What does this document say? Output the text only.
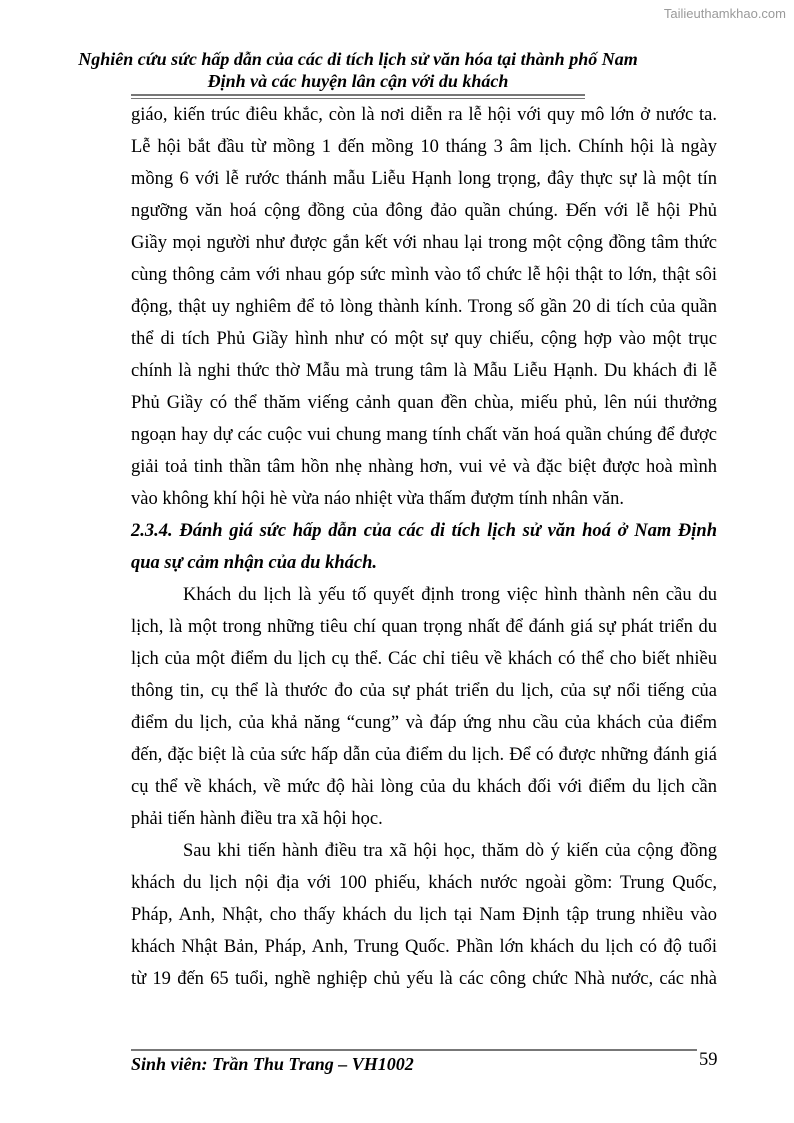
Tailieuthamkhao.com
Nghiên cứu sức hấp dẫn của các di tích lịch sử văn hóa tại thành phố Nam
Định và các huyện lân cận với du khách
giáo, kiến trúc điêu khắc, còn là nơi diễn ra lễ hội với quy mô lớn ở nước ta.
Lễ hội bắt đầu từ mồng 1 đến mồng 10 tháng 3 âm lịch. Chính hội là ngày
mồng 6 với lễ rước thánh mẫu Liễu Hạnh long trọng, đây thực sự là một tín
ngưỡng văn hoá cộng đồng của đông đảo quần chúng. Đến với lễ hội Phủ
Giầy mọi người như được gắn kết với nhau lại trong một cộng đồng tâm thức
cùng thông cảm với nhau góp sức mình vào tổ chức lễ hội thật to lớn, thật sôi
động, thật uy nghiêm để tỏ lòng thành kính. Trong số gần 20 di tích của quần
thể di tích Phủ Giầy hình như có một sự quy chiếu, cộng hợp vào một trục
chính là nghi thức thờ Mẫu mà trung tâm là Mẫu Liễu Hạnh. Du khách đi lễ
Phủ Giầy có thể thăm viếng cảnh quan đền chùa, miếu phủ, lên núi thưởng
ngoạn hay dự các cuộc vui chung mang tính chất văn hoá quần chúng để được
giải toả tinh thần tâm hồn nhẹ nhàng hơn, vui vẻ và đặc biệt được hoà mình
vào không khí hội hè vừa náo nhiệt vừa thấm đượm tính nhân văn.
2.3.4. Đánh giá sức hấp dẫn của các di tích lịch sử văn hoá ở Nam Định
qua sự cảm nhận của du khách.
Khách du lịch là yếu tố quyết định trong việc hình thành nên cầu du
lịch, là một trong những tiêu chí quan trọng nhất để đánh giá sự phát triển du
lịch của một điểm du lịch cụ thể. Các chỉ tiêu về khách có thể cho biết nhiều
thông tin, cụ thể là thước đo của sự phát triển du lịch, của sự nổi tiếng của
điểm du lịch, của khả năng “cung” và đáp ứng nhu cầu của khách của điểm
đến, đặc biệt là của sức hấp dẫn của điểm du lịch. Để có được những đánh giá
cụ thể về khách, về mức độ hài lòng của du khách đối với điểm du lịch cần
phải tiến hành điều tra xã hội học.
Sau khi tiến hành điều tra xã hội học, thăm dò ý kiến của cộng đồng
khách du lịch nội địa với 100 phiếu, khách nước ngoài gồm: Trung Quốc,
Pháp, Anh, Nhật, cho thấy khách du lịch tại Nam Định tập trung nhiều vào
khách Nhật Bản, Pháp, Anh, Trung Quốc. Phần lớn khách du lịch có độ tuổi
từ 19 đến 65 tuổi, nghề nghiệp chủ yếu là các công chức Nhà nước, các nhà
Sinh viên: Trần Thu Trang – VH1002	59
